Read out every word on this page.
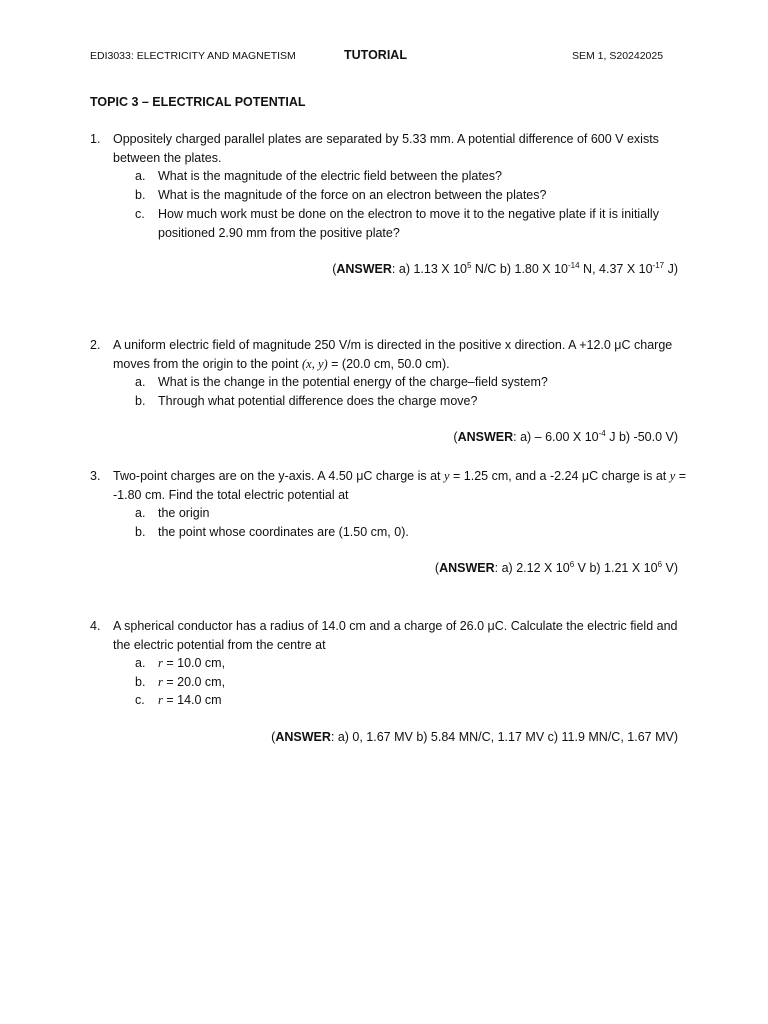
EDI3033: ELECTRICITY AND MAGNETISM	TUTORIAL	SEM 1, S20242025
TOPIC 3 – ELECTRICAL POTENTIAL
1. Oppositely charged parallel plates are separated by 5.33 mm. A potential difference of 600 V exists between the plates.
a. What is the magnitude of the electric field between the plates?
b. What is the magnitude of the force on an electron between the plates?
c. How much work must be done on the electron to move it to the negative plate if it is initially positioned 2.90 mm from the positive plate?
(ANSWER: a) 1.13 X $10^5$ N/C b) 1.80 X $10^{-14}$ N, 4.37 X $10^{-17}$ J)
2. A uniform electric field of magnitude 250 V/m is directed in the positive x direction. A +12.0 μC charge moves from the origin to the point (x, y) = (20.0 cm, 50.0 cm).
a. What is the change in the potential energy of the charge–field system?
b. Through what potential difference does the charge move?
(ANSWER: a) – 6.00 X $10^{-4}$ J b) -50.0 V)
3. Two-point charges are on the y-axis. A 4.50 μC charge is at y = 1.25 cm, and a -2.24 μC charge is at y = -1.80 cm. Find the total electric potential at
a. the origin
b. the point whose coordinates are (1.50 cm, 0).
(ANSWER: a) 2.12 X $10^6$ V b) 1.21 X $10^6$ V)
4. A spherical conductor has a radius of 14.0 cm and a charge of 26.0 μC. Calculate the electric field and the electric potential from the centre at
a. r = 10.0 cm,
b. r = 20.0 cm,
c. r = 14.0 cm
(ANSWER: a) 0, 1.67 MV b) 5.84 MN/C, 1.17 MV c) 11.9 MN/C, 1.67 MV)
